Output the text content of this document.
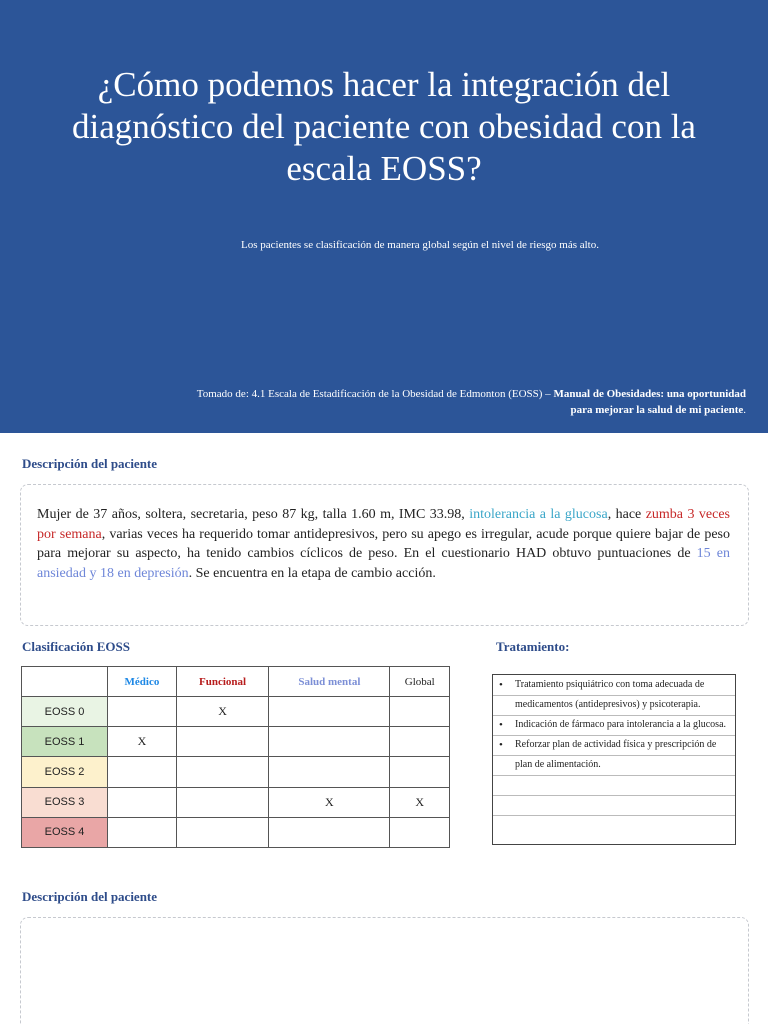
¿Cómo podemos hacer la integración del diagnóstico del paciente con obesidad con la escala EOSS?

Los pacientes se clasificación de manera global según el nivel de riesgo más alto.

Tomado de: 4.1 Escala de Estadificación de la Obesidad de Edmonton (EOSS) – Manual de Obesidades: una oportunidad para mejorar la salud de mi paciente.

Descripción del paciente

Mujer de 37 años, soltera, secretaria, peso 87 kg, talla 1.60 m, IMC 33.98, intolerancia a la glucosa, hace zumba 3 veces por semana, varias veces ha requerido tomar antidepresivos, pero su apego es irregular, acude porque quiere bajar de peso para mejorar su aspecto, ha tenido cambios cíclicos de peso. En el cuestionario HAD obtuvo puntuaciones de 15 en ansiedad y 18 en depresión. Se encuentra en la etapa de cambio acción.

Clasificación EOSS
	Médico	Funcional	Salud mental	Global
EOSS 0		X		
EOSS 1	X			
EOSS 2				
EOSS 3			X	X
EOSS 4				
Tratamiento:
• Tratamiento psiquiátrico con toma adecuada de medicamentos (antidepresivos) y psicoterapia.
• Indicación de fármaco para intolerancia a la glucosa.
• Reforzar plan de actividad física y prescripción de plan de alimentación.
Descripción del paciente
